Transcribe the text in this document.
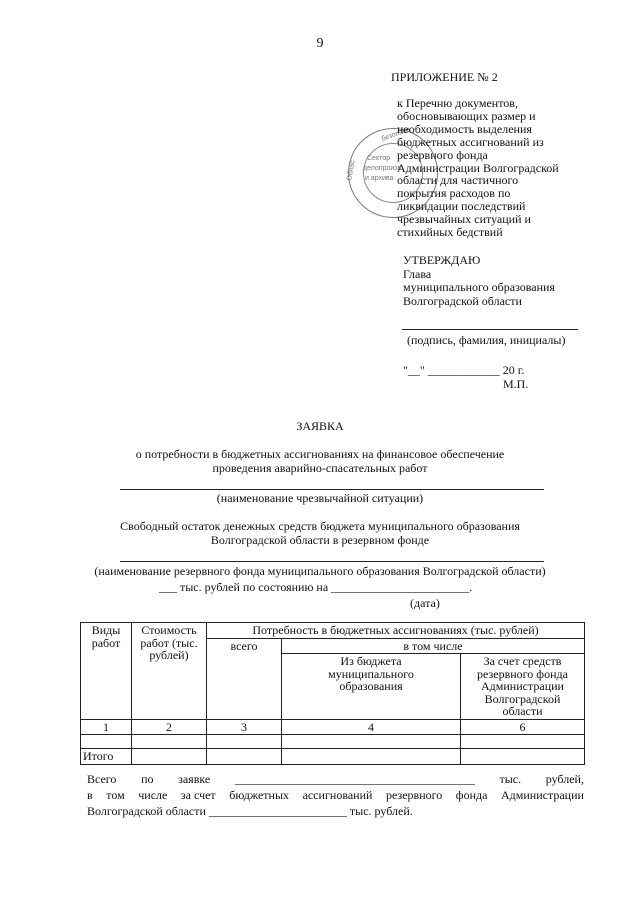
9
ПРИЛОЖЕНИЕ № 2
безопасн
Облас
Сектор
делопроизв
и архива
к Перечню документов,
обосновывающих размер и
необходимость выделения
бюджетных ассигнований из
резервного фонда
Администрации Волгоградской
области для частичного
покрытия расходов по
ликвидации последствий
чрезвычайных ситуаций и
стихийных бедствий
УТВЕРЖДАЮ
Глава
муниципального образования
Волгоградской области
(подпись, фамилия, инициалы)
"__" ____________ 20 г.
М.П.
ЗАЯВКА
о потребности в бюджетных ассигнованиях на финансовое обеспечение
проведения аварийно-спасательных работ
(наименование чрезвычайной ситуации)
Свободный остаток денежных средств бюджета муниципального образования
Волгоградской области в резервном фонде
(наименование резервного фонда муниципального образования Волгоградской области)
___ тыс. рублей по состоянию на _______________________.
(дата)
Виды работ	Стоимость работ (тыс. рублей)	Потребность в бюджетных ассигнованиях (тыс. рублей)		
		всего	в том числе	
			Из бюджета муниципального образования	За счет средств резервного фонда Администрации Волгоградской области
1	2	3	4	6

Итого				
Всего по заявке ________________________________________ тыс. рублей,
в том числе за счет бюджетных ассигнований резервного фонда Администрации
Волгоградской области _______________________ тыс. рублей.
